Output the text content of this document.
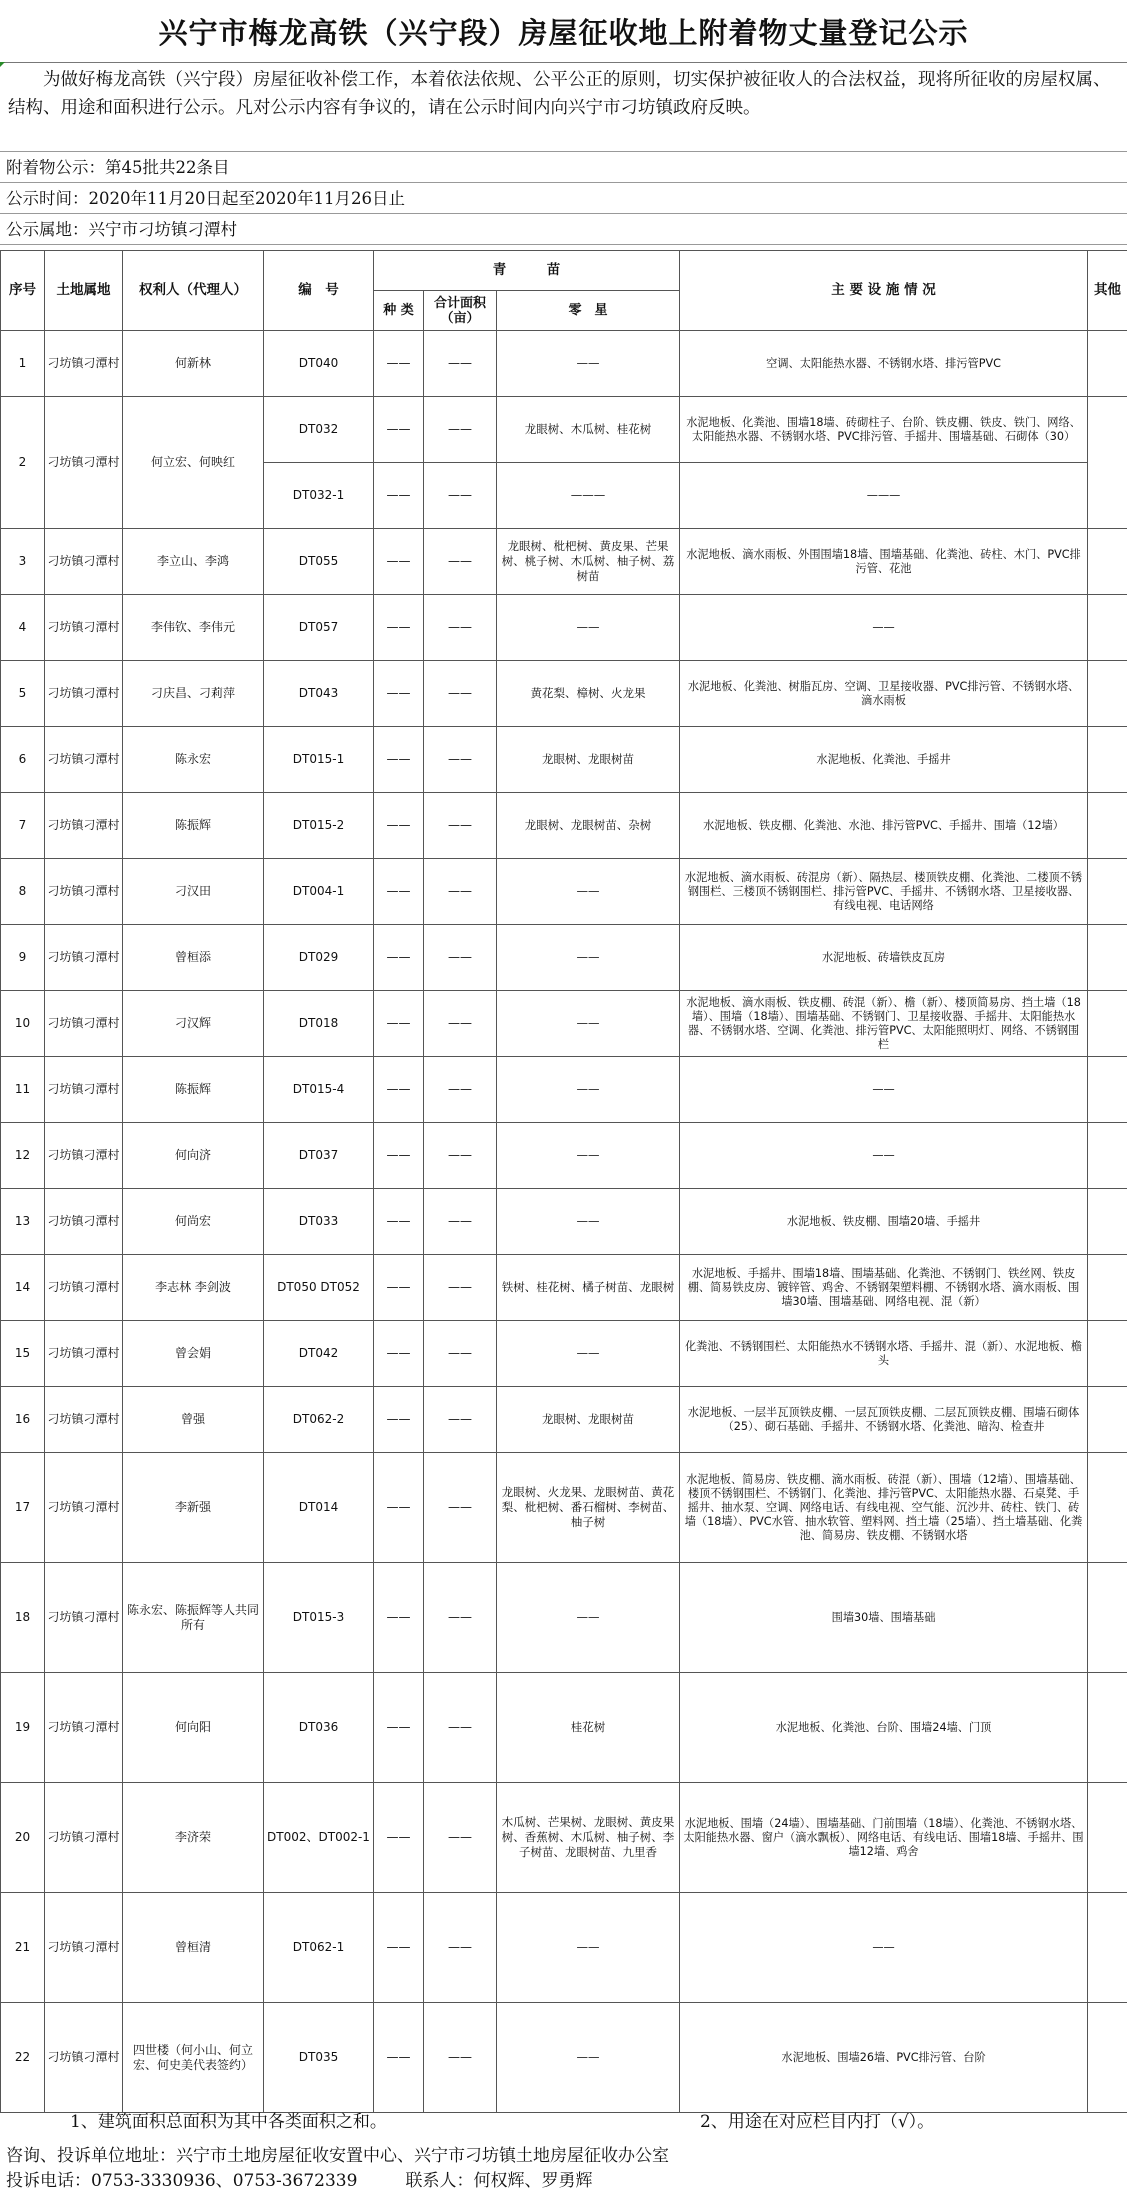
兴宁市梅龙高铁（兴宁段）房屋征收地上附着物丈量登记公示
为做好梅龙高铁（兴宁段）房屋征收补偿工作，本着依法依规、公平公正的原则，切实保护被征收人的合法权益，现将所征收的房屋权属、结构、用途和面积进行公示。凡对公示内容有争议的，请在公示时间内向兴宁市刁坊镇政府反映。
附着物公示：第45批共22条目
公示时间：2020年11月20日起至2020年11月26日止
公示属地：兴宁市刁坊镇刁潭村
序号	土地属地	权利人（代理人）	编　号	青　　　苗			主 要 设 施 情 况	其他
				种 类	合计面积（亩）	零　星		
1	刁坊镇刁潭村	何新林	DT040	——	——	——	空调、太阳能热水器、不锈钢水塔、排污管PVC	
2	刁坊镇刁潭村	何立宏、何映红	DT032	——	——	龙眼树、木瓜树、桂花树	水泥地板、化粪池、围墙18墙、砖砌柱子、台阶、铁皮棚、铁皮、铁门、网络、太阳能热水器、不锈钢水塔、PVC排污管、手摇井、围墙基础、石砌体（30）	
			DT032-1	——	——	———	———	
3	刁坊镇刁潭村	李立山、李鸿	DT055	——	——	龙眼树、枇杷树、黄皮果、芒果树、桃子树、木瓜树、柚子树、荔树苗	水泥地板、滴水雨板、外围围墙18墙、围墙基础、化粪池、砖柱、木门、PVC排污管、花池	
4	刁坊镇刁潭村	李伟钦、李伟元	DT057	——	——	——	——	
5	刁坊镇刁潭村	刁庆昌、刁莉萍	DT043	——	——	黄花梨、樟树、火龙果	水泥地板、化粪池、树脂瓦房、空调、卫星接收器、PVC排污管、不锈钢水塔、滴水雨板	
6	刁坊镇刁潭村	陈永宏	DT015-1	——	——	龙眼树、龙眼树苗	水泥地板、化粪池、手摇井	
7	刁坊镇刁潭村	陈振辉	DT015-2	——	——	龙眼树、龙眼树苗、杂树	水泥地板、铁皮棚、化粪池、水池、排污管PVC、手摇井、围墙（12墙）	
8	刁坊镇刁潭村	刁汉田	DT004-1	——	——	——	水泥地板、滴水雨板、砖混房（新）、隔热层、楼顶铁皮棚、化粪池、二楼顶不锈钢围栏、三楼顶不锈钢围栏、排污管PVC、手摇井、不锈钢水塔、卫星接收器、有线电视、电话网络	
9	刁坊镇刁潭村	曾桓添	DT029	——	——	——	水泥地板、砖墙铁皮瓦房	
10	刁坊镇刁潭村	刁汉辉	DT018	——	——	——	水泥地板、滴水雨板、铁皮棚、砖混（新）、檐（新）、楼顶简易房、挡土墙（18墙）、围墙（18墙）、围墙基础、不锈钢门、卫星接收器、手摇井、太阳能热水器、不锈钢水塔、空调、化粪池、排污管PVC、太阳能照明灯、网络、不锈钢围栏	
11	刁坊镇刁潭村	陈振辉	DT015-4	——	——	——	——	
12	刁坊镇刁潭村	何向济	DT037	——	——	——	——	
13	刁坊镇刁潭村	何尚宏	DT033	——	——	——	水泥地板、铁皮棚、围墙20墙、手摇井	
14	刁坊镇刁潭村	李志林 李剑波	DT050 DT052	——	——	铁树、桂花树、橘子树苗、龙眼树	水泥地板、手摇井、围墙18墙、围墙基础、化粪池、不锈钢门、铁丝网、铁皮棚、简易铁皮房、镀锌管、鸡舍、不锈钢架塑料棚、不锈钢水塔、滴水雨板、围墙30墙、围墙基础、网络电视、混（新）	
15	刁坊镇刁潭村	曾会娟	DT042	——	——	——	化粪池、不锈钢围栏、太阳能热水不锈钢水塔、手摇井、混（新）、水泥地板、檐头	
16	刁坊镇刁潭村	曾强	DT062-2	——	——	龙眼树、龙眼树苗	水泥地板、一层半瓦顶铁皮棚、一层瓦顶铁皮棚、二层瓦顶铁皮棚、围墙石砌体（25）、砌石基础、手摇井、不锈钢水塔、化粪池、暗沟、检查井	
17	刁坊镇刁潭村	李新强	DT014	——	——	龙眼树、火龙果、龙眼树苗、黄花梨、枇杷树、番石榴树、李树苗、柚子树	水泥地板、简易房、铁皮棚、滴水雨板、砖混（新）、围墙（12墙）、围墙基础、楼顶不锈钢围栏、不锈钢门、化粪池、排污管PVC、太阳能热水器、石桌凳、手摇井、抽水泵、空调、网络电话、有线电视、空气能、沉沙井、砖柱、铁门、砖墙（18墙）、PVC水管、抽水软管、塑料网、挡土墙（25墙）、挡土墙基础、化粪池、简易房、铁皮棚、不锈钢水塔	
18	刁坊镇刁潭村	陈永宏、陈振辉等人共同所有	DT015-3	——	——	——	围墙30墙、围墙基础	
19	刁坊镇刁潭村	何向阳	DT036	——	——	桂花树	水泥地板、化粪池、台阶、围墙24墙、门顶	
20	刁坊镇刁潭村	李济荣	DT002、DT002-1	——	——	木瓜树、芒果树、龙眼树、黄皮果树、香蕉树、木瓜树、柚子树、李子树苗、龙眼树苗、九里香	水泥地板、围墙（24墙）、围墙基础、门前围墙（18墙）、化粪池、不锈钢水塔、太阳能热水器、窗户（滴水飘板）、网络电话、有线电话、围墙18墙、手摇井、围墙12墙、鸡舍	
21	刁坊镇刁潭村	曾桓清	DT062-1	——	——	——	——	
22	刁坊镇刁潭村	四世楼（何小山、何立宏、何史美代表签约）	DT035	——	——	——	水泥地板、围墙26墙、PVC排污管、台阶	
1、建筑面积总面积为其中各类面积之和。	2、用途在对应栏目内打（√）。
咨询、投诉单位地址：兴宁市土地房屋征收安置中心、兴宁市刁坊镇土地房屋征收办公室
投诉电话：0753-3330936、0753-3672339	联系人：何权辉、罗勇辉
